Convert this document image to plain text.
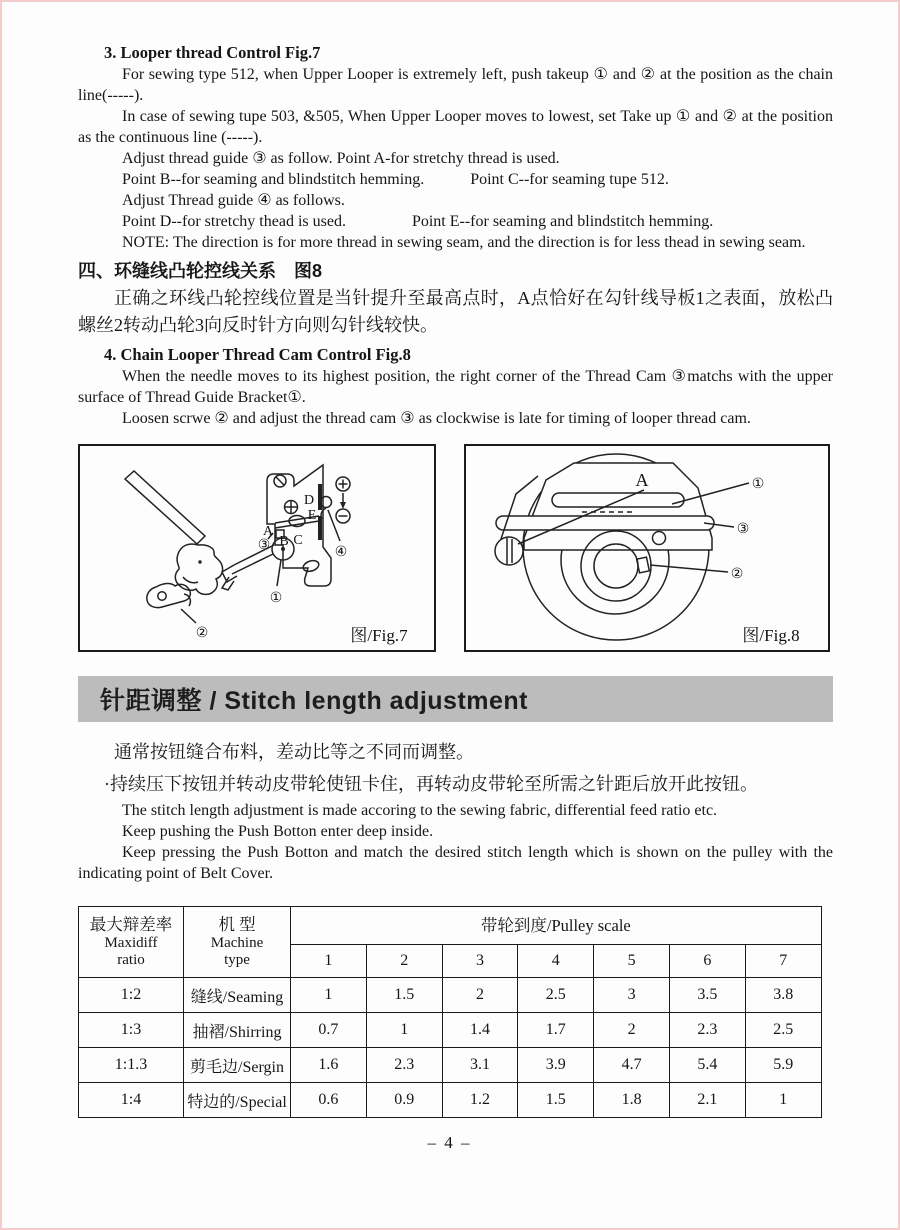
3. Looper thread Control Fig.7

For sewing type 512, when Upper Looper is extremely left, push takeup ① and ② at the position as the chain line(-----).

In case of sewing tupe 503, &505, When Upper Looper moves to lowest, set Take up ① and ② at the position as the continuous line (-----).

Adjust thread guide ③ as follow. Point A-for stretchy thread is used.

Point B--for seaming and blindstitch hemming.	Point C--for seaming tupe 512.

Adjust Thread guide ④ as follows.

Point D--for stretchy thead is used.	Point E--for seaming and blindstitch hemming.

NOTE: The direction is for more thread in sewing seam, and the direction is for less thead in sewing seam.

四、环缝线凸轮控线关系　图8

正确之环线凸轮控线位置是当针提升至最高点时，A点恰好在勾针线导板1之表面，放松凸螺丝2转动凸轮3向反时针方向则勾针线较快。

4. Chain Looper Thread Cam Control Fig.8

When the needle moves to its highest position, the right corner of the Thread Cam ③matchs with the upper surface of Thread Guide Bracket①.

Loosen scrwe ② and adjust the thread cam ③ as clockwise is late for timing of looper thread cam.

A
B C
D
E
③	④
①
②	图/Fig.7
A	①
③
②
图/Fig.8
针距调整 / Stitch length adjustment

通常按钮缝合布料，差动比等之不同而调整。

·持续压下按钮并转动皮带轮使钮卡住，再转动皮带轮至所需之针距后放开此按钮。

The stitch length adjustment is made accoring to the sewing fabric, differential feed ratio etc.

Keep pushing the Push Botton enter deep inside.

Keep pressing the Push Botton and match the desired stitch length which is shown on the pulley with the indicating point of Belt Cover.

最大辩差率
Maxidiff
ratio

机 型
Machine
type
	带轮到度/Pulley scale
		1	2	3	4	5	6	7
1:2	缝线/Seaming	1	1.5	2	2.5	3	3.5	3.8
1:3	抽褶/Shirring	0.7	1	1.4	1.7	2	2.3	2.5
1:1.3	剪毛边/Sergin	1.6	2.3	3.1	3.9	4.7	5.4	5.9
1:4	特边的/Special	0.6	0.9	1.2	1.5	1.8	2.1	1
– 4 –
